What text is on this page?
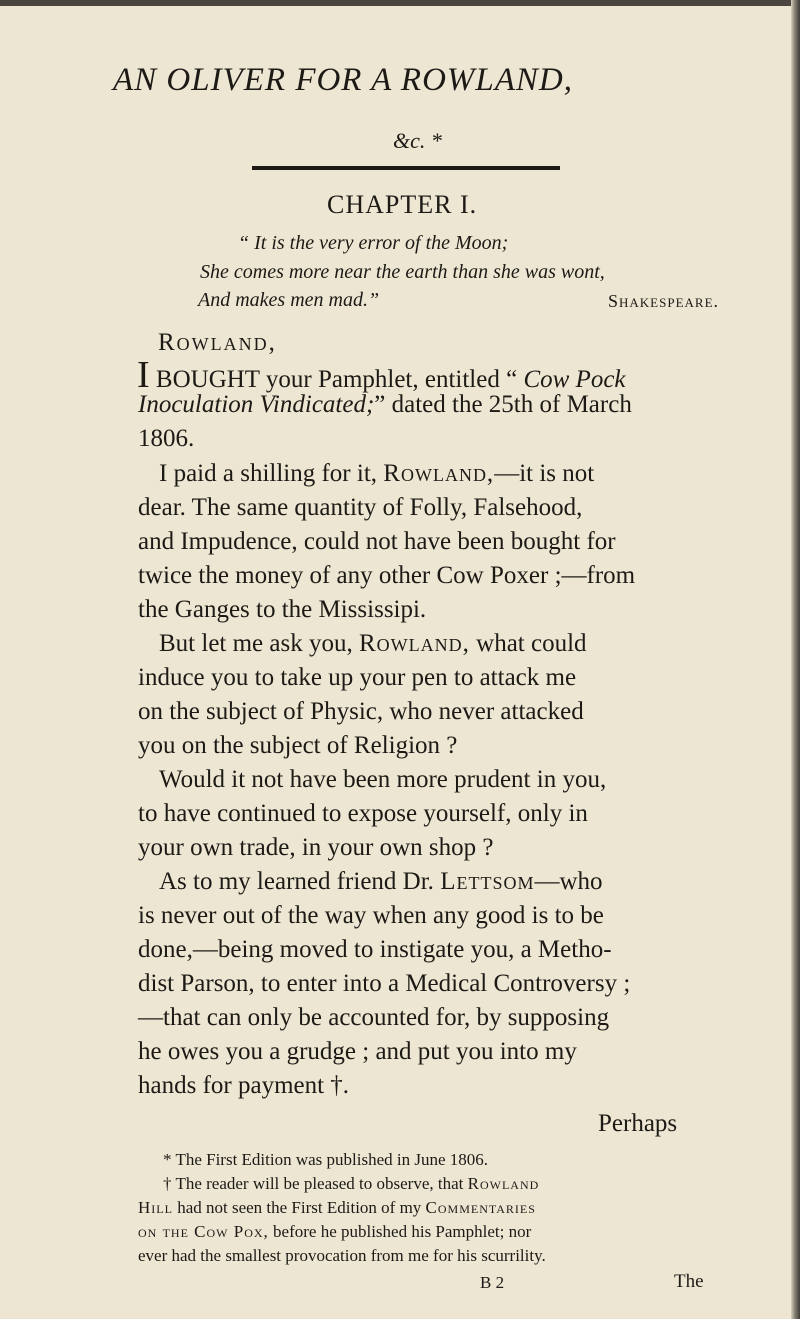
AN OLIVER FOR A ROWLAND,
&c. *
CHAPTER I.
“ It is the very error of the Moon;
She comes more near the earth than she was wont,
And makes men mad.”	Shakespeare.
Rowland,
I BOUGHT your Pamphlet, entitled “ Cow Pock
Inoculation Vindicated;” dated the 25th of March
1806.
I paid a shilling for it, Rowland,—it is not
dear. The same quantity of Folly, Falsehood,
and Impudence, could not have been bought for
twice the money of any other Cow Poxer ;—from
the Ganges to the Mississipi.
But let me ask you, Rowland, what could
induce you to take up your pen to attack me
on the subject of Physic, who never attacked
you on the subject of Religion ?
Would it not have been more prudent in you,
to have continued to expose yourself, only in
your own trade, in your own shop ?
As to my learned friend Dr. Lettsom—who
is never out of the way when any good is to be
done,—being moved to instigate you, a Metho-
dist Parson, to enter into a Medical Controversy ;
—that can only be accounted for, by supposing
he owes you a grudge ; and put you into my
hands for payment †.
Perhaps
* The First Edition was published in June 1806.
† The reader will be pleased to observe, that Rowland
Hill had not seen the First Edition of my Commentaries
on the Cow Pox, before he published his Pamphlet; nor
ever had the smallest provocation from me for his scurrility.
B 2	The
